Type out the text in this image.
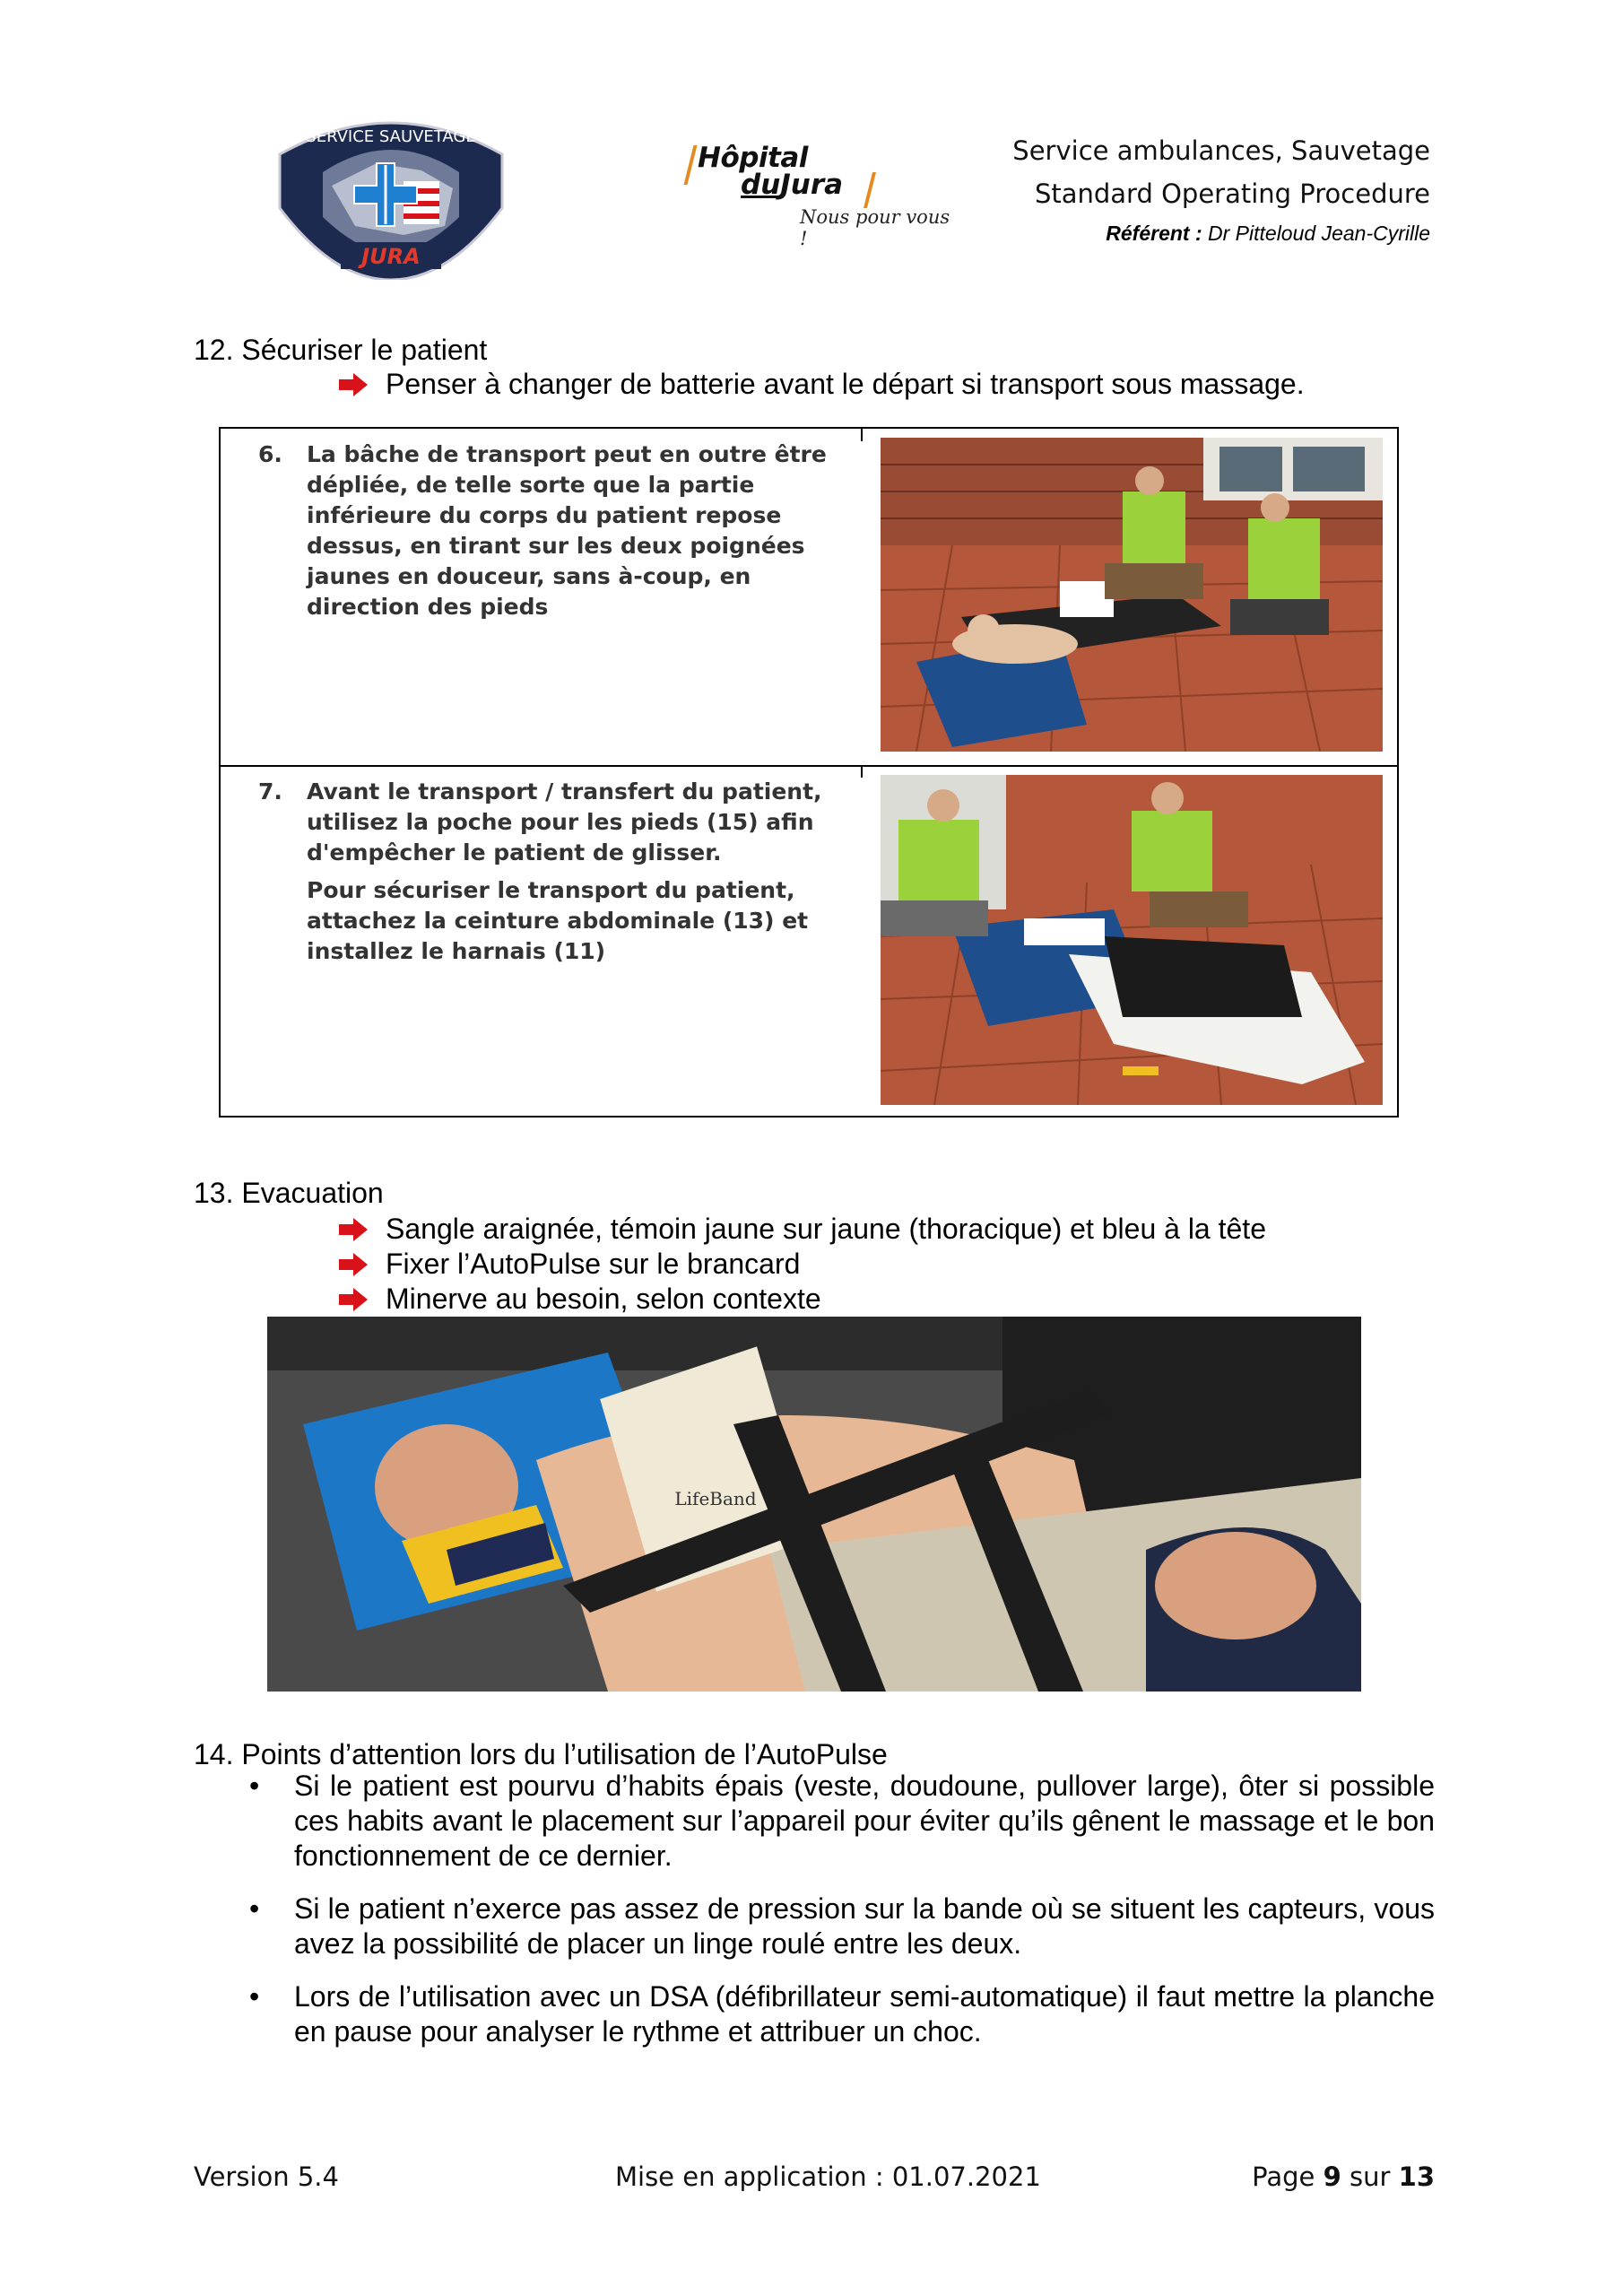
SERVICE SAUVETAGE
JURA
Hôpital
duJura
Nous pour vous !
Service ambulances, Sauvetage
Standard Operating Procedure
Référent : Dr Pitteloud Jean-Cyrille
12. Sécuriser le patient
Penser à changer de batterie avant le départ si transport sous massage.
6. La bâche de transport peut en outre être dépliée, de telle sorte que la partie inférieure du corps du patient repose dessus, en tirant sur les deux poignées jaunes en douceur, sans à-coup, en direction des pieds
7. Avant le transport / transfert du patient, utilisez la poche pour les pieds (15) afin d'empêcher le patient de glisser.
Pour sécuriser le transport du patient, attachez la ceinture abdominale (13) et installez le harnais (11)
13. Evacuation
Sangle araignée, témoin jaune sur jaune (thoracique) et bleu à la tête
Fixer l’AutoPulse sur le brancard
Minerve au besoin, selon contexte
LifeBand
14. Points d’attention lors du l’utilisation de l’AutoPulse
•	Si le patient est pourvu d’habits épais (veste, doudoune, pullover large), ôter si possible ces habits avant le placement sur l’appareil pour éviter qu’ils gênent le massage et le bon fonctionnement de ce dernier.
•	Si le patient n’exerce pas assez de pression sur la bande où se situent les capteurs, vous avez la possibilité de placer un linge roulé entre les deux.
•	Lors de l’utilisation avec un DSA (défibrillateur semi-automatique) il faut mettre la planche en pause pour analyser le rythme et attribuer un choc.
Version 5.4	Mise en application : 01.07.2021	Page 9 sur 13
